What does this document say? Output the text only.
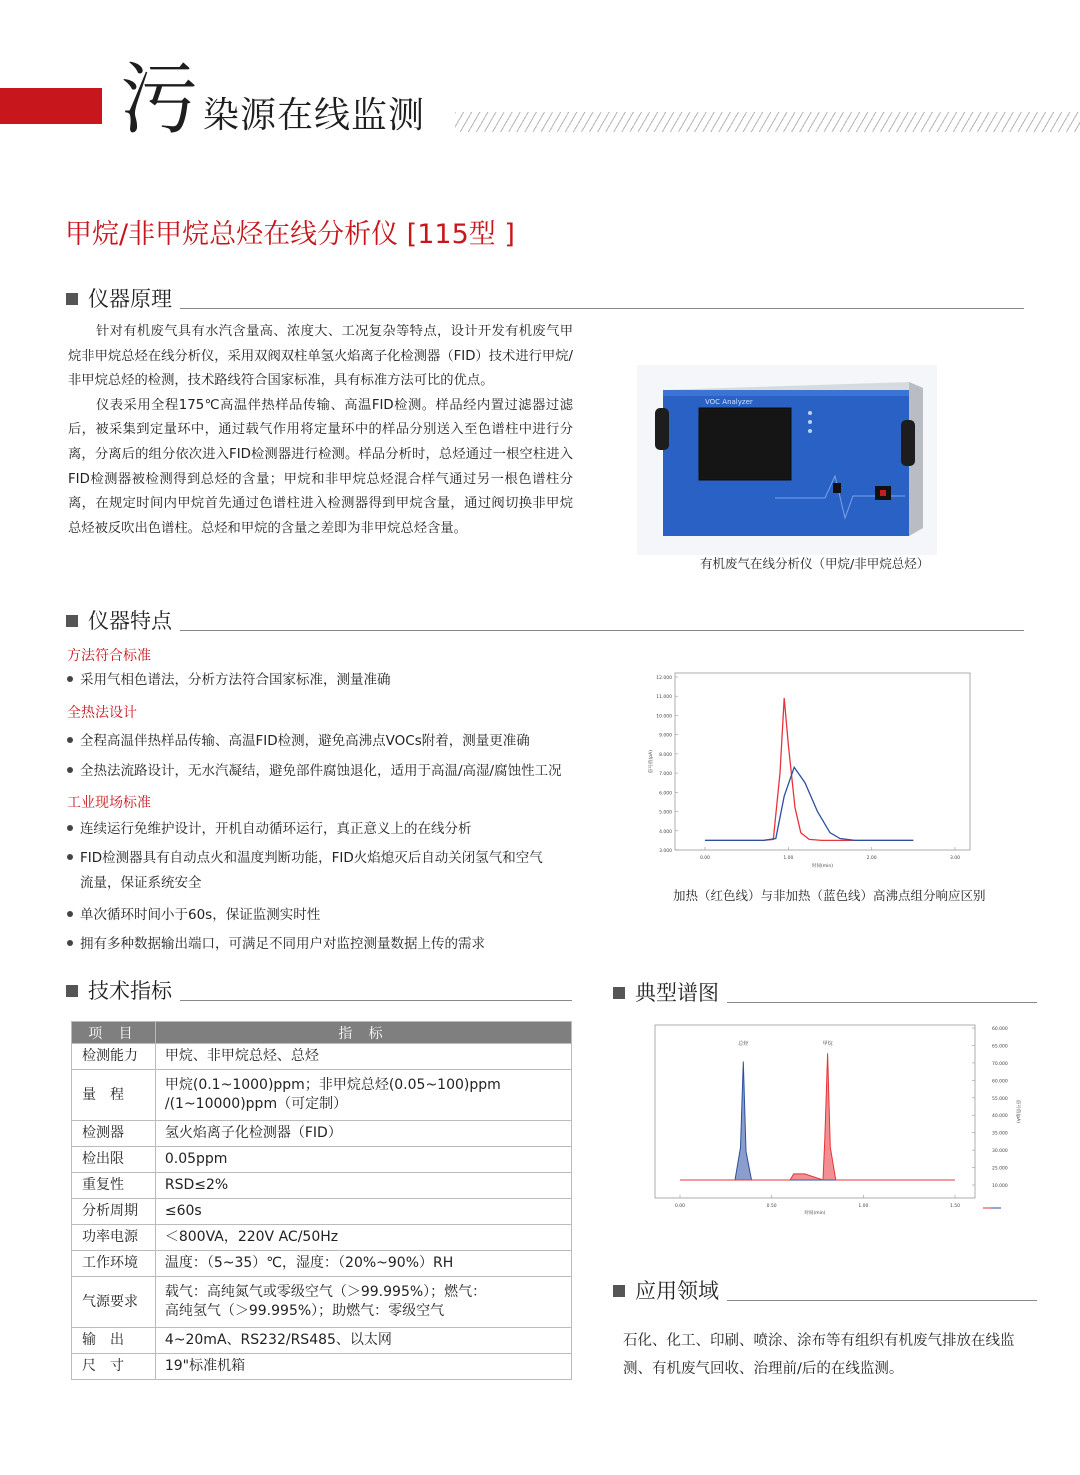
污 染源在线监测
甲烷/非甲烷总烃在线分析仪 [115型 ]
仪器原理

针对有机废气具有水汽含量高、浓度大、工况复杂等特点，设计开发有机废气甲烷非甲烷总烃在线分析仪，采用双阀双柱单氢火焰离子化检测器（FID）技术进行甲烷/非甲烷总烃的检测，技术路线符合国家标准，具有标准方法可比的优点。

仪表采用全程175℃高温伴热样品传输、高温FID检测。样品经内置过滤器过滤后，被采集到定量环中，通过载气作用将定量环中的样品分别送入至色谱柱中进行分离，分离后的组分依次进入FID检测器进行检测。样品分析时，总烃通过一根空柱进入FID检测器被检测得到总烃的含量；甲烷和非甲烷总烃混合样气通过另一根色谱柱分离，在规定时间内甲烷首先通过色谱柱进入检测器得到甲烷含量，通过阀切换非甲烷总烃被反吹出色谱柱。总烃和甲烷的含量之差即为非甲烷总烃含量。

VOC Analyzer
有机废气在线分析仪（甲烷/非甲烷总烃）
仪器特点
方法符合标准
采用气相色谱法，分析方法符合国家标准，测量准确
全热法设计
全程高温伴热样品传输、高温FID检测，避免高沸点VOCs附着，测量更准确
全热法流路设计，无水汽凝结，避免部件腐蚀退化，适用于高温/高湿/腐蚀性工况
工业现场标准
连续运行免维护设计，开机自动循环运行，真正意义上的在线分析
FID检测器具有自动点火和温度判断功能，FID火焰熄灭后自动关闭氢气和空气
流量，保证系统安全
单次循环时间小于60s，保证监测实时性
拥有多种数据输出端口，可满足不同用户对监控测量数据上传的需求
12.000
11.000
10.000
9.000
8.000
7.000
6.000
5.000
4.000
3.000
0.00	1.00	2.00	3.00
时间(min)
信号值(pA)
加热（红色线）与非加热（蓝色线）高沸点组分响应区别
技术指标
项 目	指 标
检测能力	甲烷、非甲烷总烃、总烃
量　程	甲烷(0.1~1000)ppm；非甲烷总烃(0.05~100)ppm
/(1~10000)ppm（可定制）

检测器	氢火焰离子化检测器（FID）
检出限	0.05ppm
重复性	RSD≤2%
分析周期	≤60s
功率电源	＜800VA，220V AC/50Hz
工作环境	温度：（5~35）℃，湿度：（20%~90%）RH
气源要求	载气：高纯氮气或零级空气（＞99.995%）；燃气：
高纯氢气（＞99.995%）；助燃气：零级空气

输　出	4~20mA、RS232/RS485、以太网
尺　寸	19"标准机箱
典型谱图
60.000
65.000
70.000
60.000
55.000
40.000
35.000
30.000
25.000
10.000
0.00	0.50	1.00	1.50
时间(min)
信号值(pA)
总烃	甲烷
应用领域
石化、化工、印刷、喷涂、涂布等有组织有机废气排放在线监
测、有机废气回收、治理前/后的在线监测。
